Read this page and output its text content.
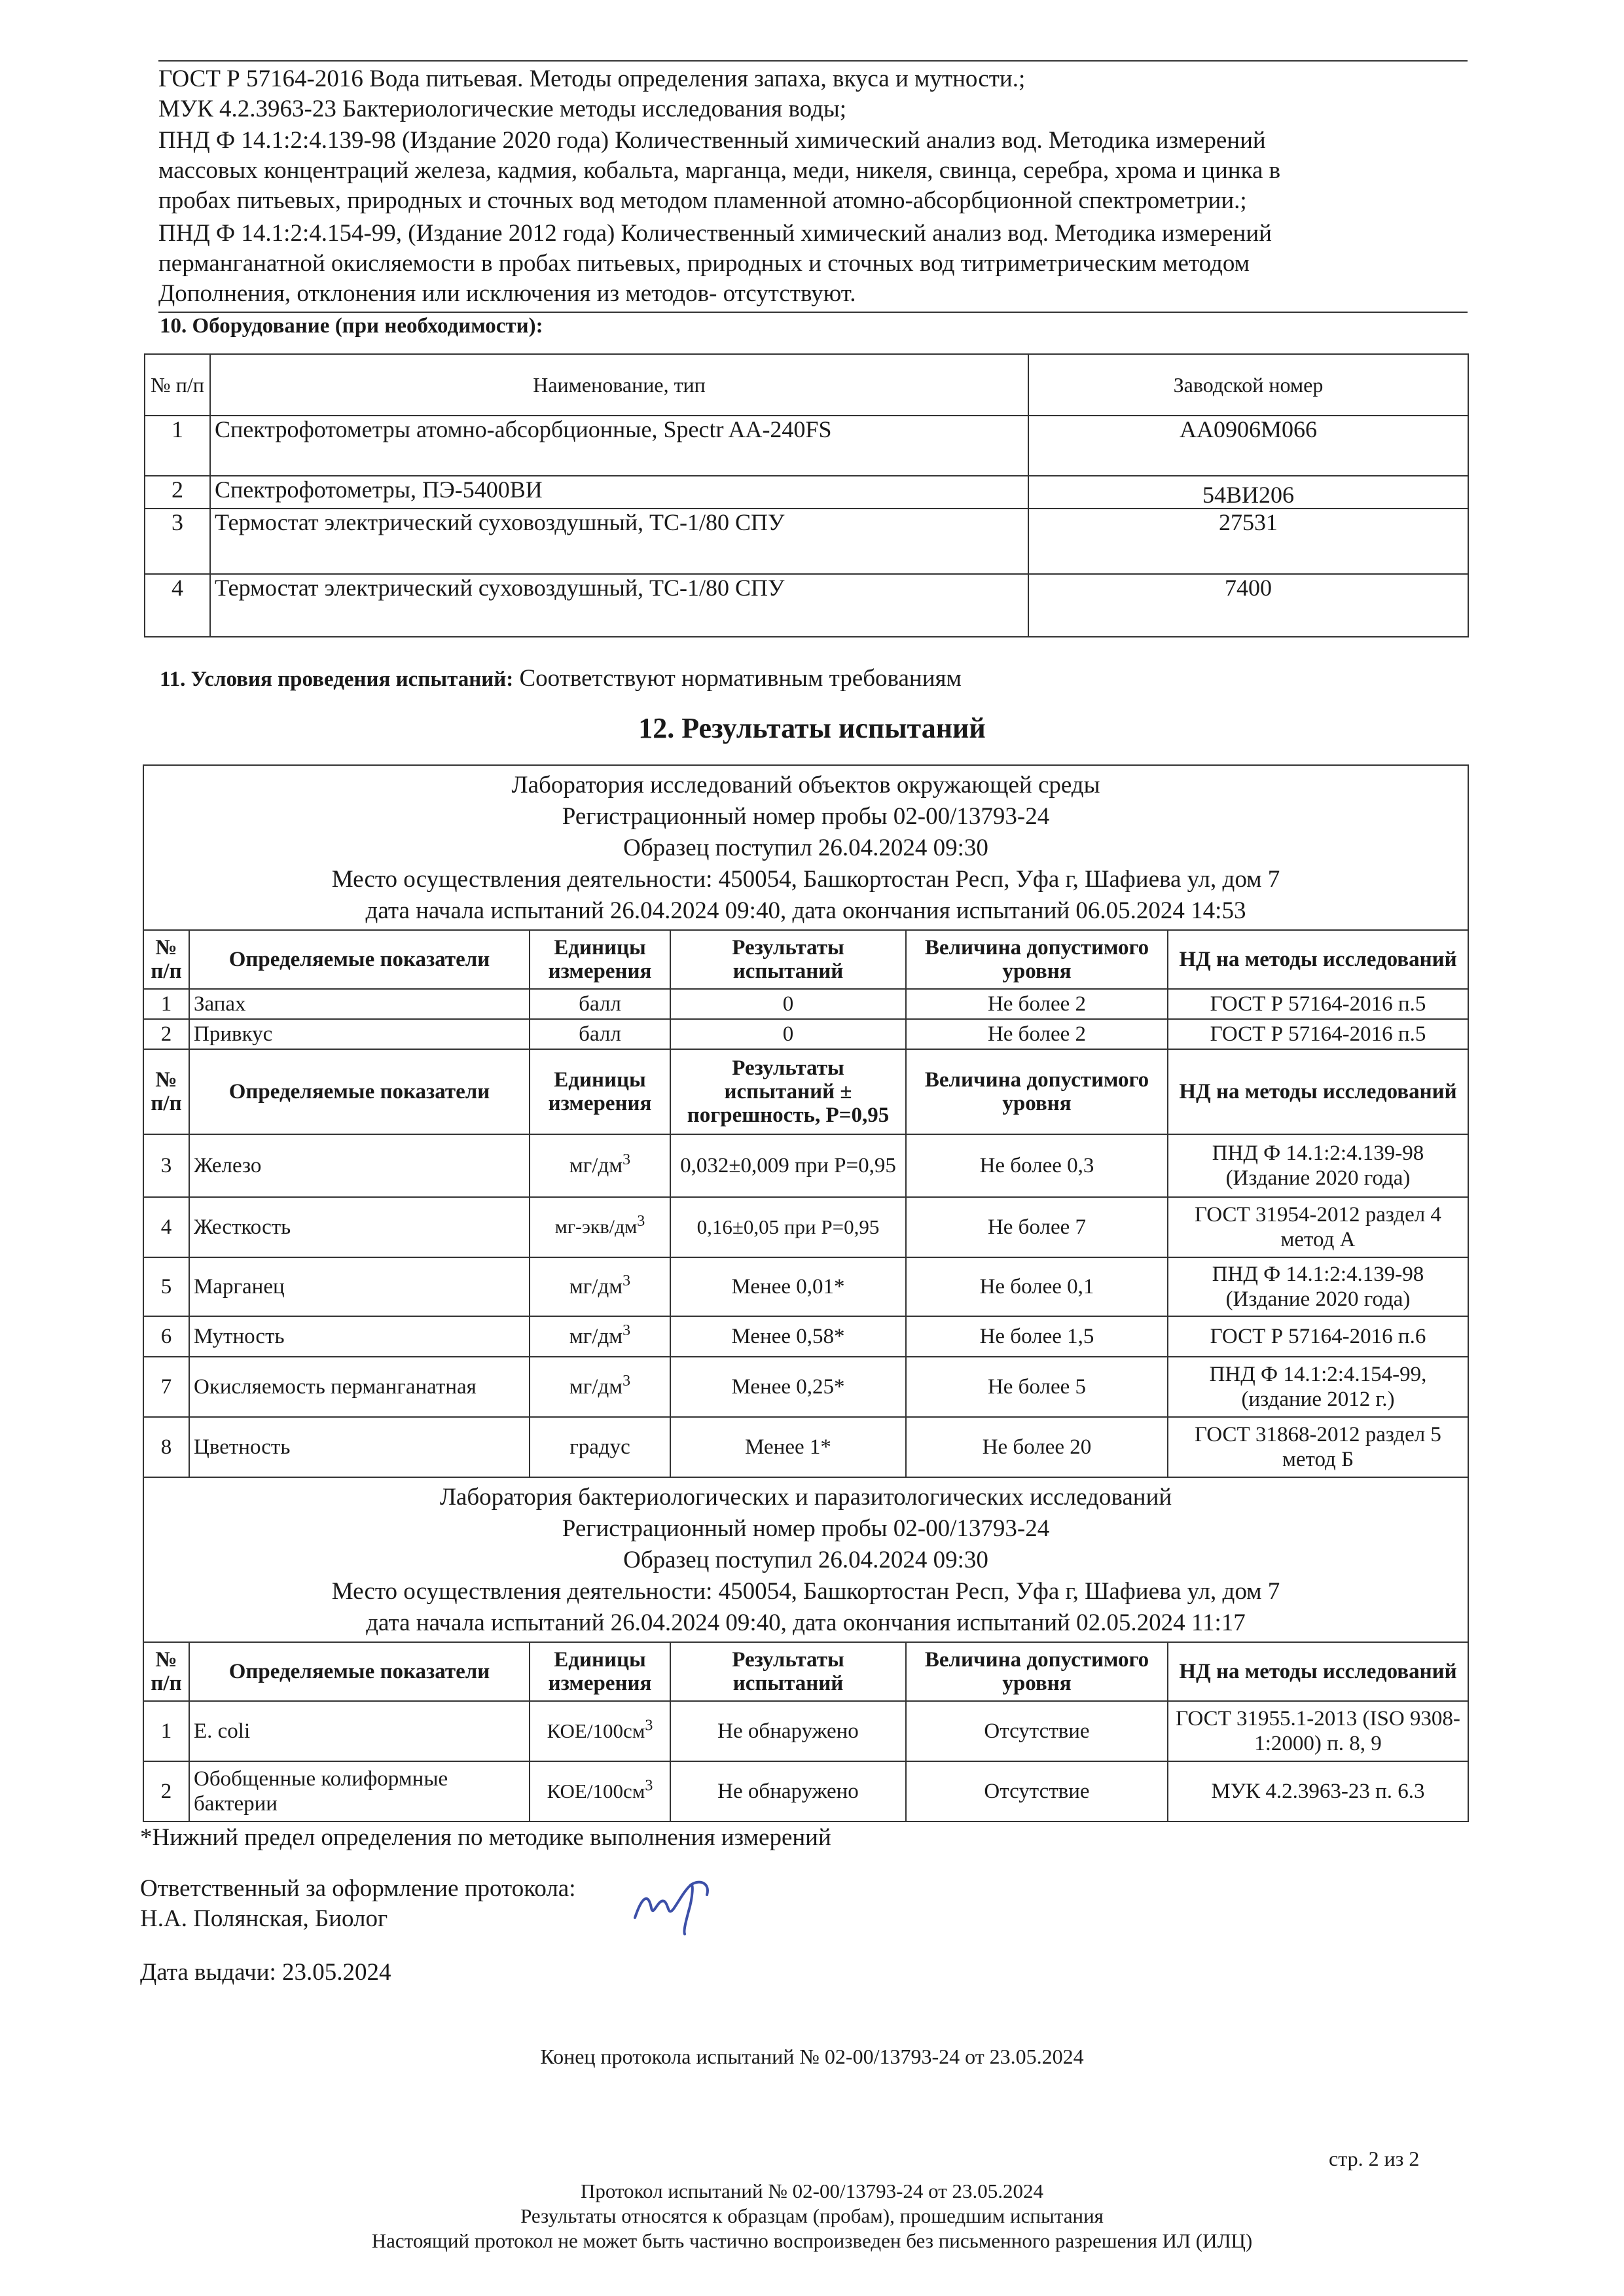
ГОСТ Р 57164-2016 Вода питьевая. Методы определения запаха, вкуса и мутности.;
МУК 4.2.3963-23 Бактериологические методы исследования воды;
ПНД Ф 14.1:2:4.139-98 (Издание 2020 года) Количественный химический анализ вод. Методика измерений
массовых концентраций железа, кадмия, кобальта, марганца, меди, никеля, свинца, серебра, хрома и цинка в
пробах питьевых, природных и сточных вод методом пламенной атомно-абсорбционной спектрометрии.;
ПНД Ф 14.1:2:4.154-99, (Издание 2012 года) Количественный химический анализ вод. Методика измерений
перманганатной окисляемости в пробах питьевых, природных и сточных вод титриметрическим методом
Дополнения, отклонения или исключения из методов- отсутствуют.
10. Оборудование (при необходимости):
№ п/п	Наименование, тип	Заводской номер
1	Спектрофотометры атомно-абсорбционные, Spectr AA-240FS	AA0906M066
2	Спектрофотометры, ПЭ-5400ВИ	54ВИ206
3	Термостат электрический суховоздушный, ТС-1/80 СПУ	27531
4	Термостат электрический суховоздушный, ТС-1/80 СПУ	7400
11. Условия проведения испытаний: Соответствуют нормативным требованиям
12. Результаты испытаний
Лаборатория исследований объектов окружающей среды
Регистрационный номер пробы 02-00/13793-24
Образец поступил 26.04.2024 09:30
Место осуществления деятельности: 450054, Башкортостан Респ, Уфа г, Шафиева ул, дом 7
дата начала испытаний 26.04.2024 09:40, дата окончания испытаний 06.05.2024 14:53					

№ п/п	Определяемые показатели	Единицы измерения	Результаты испытаний	Величина допустимого уровня	НД на методы исследований
1	Запах	балл	0	Не более 2	ГОСТ Р 57164-2016 п.5
2	Привкус	балл	0	Не более 2	ГОСТ Р 57164-2016 п.5
№ п/п	Определяемые показатели	Единицы измерения	Результаты испытаний ± погрешность, Р=0,95	Величина допустимого уровня	НД на методы исследований
3	Железо	$мг/дм^3$	0,032±0,009 при Р=0,95	Не более 0,3	ПНД Ф 14.1:2:4.139-98 (Издание 2020 года)
4	Жесткость	$мг-экв/дм^3$	0,16±0,05 при Р=0,95	Не более 7	ГОСТ 31954-2012 раздел 4 метод А
5	Марганец	$мг/дм^3$	Менее 0,01*	Не более 0,1	ПНД Ф 14.1:2:4.139-98 (Издание 2020 года)
6	Мутность	$мг/дм^3$	Менее 0,58*	Не более 1,5	ГОСТ Р 57164-2016 п.6
7	Окисляемость перманганатная	$мг/дм^3$	Менее 0,25*	Не более 5	ПНД Ф 14.1:2:4.154-99, (издание 2012 г.)
8	Цветность	градус	Менее 1*	Не более 20	ГОСТ 31868-2012 раздел 5 метод Б

Лаборатория бактериологических и паразитологических исследований
Регистрационный номер пробы 02-00/13793-24
Образец поступил 26.04.2024 09:30
Место осуществления деятельности: 450054, Башкортостан Респ, Уфа г, Шафиева ул, дом 7
дата начала испытаний 26.04.2024 09:40, дата окончания испытаний 02.05.2024 11:17					

№ п/п	Определяемые показатели	Единицы измерения	Результаты испытаний	Величина допустимого уровня	НД на методы исследований
1	E. coli	КОЕ/$100см^3$	Не обнаружено	Отсутствие	ГОСТ 31955.1-2013 (ISO 9308-1:2000) п. 8, 9
2	Обобщенные колиформные бактерии	КОЕ/$100см^3$	Не обнаружено	Отсутствие	МУК 4.2.3963-23 п. 6.3
*Нижний предел определения по методике выполнения измерений
Ответственный за оформление протокола:
Н.А. Полянская, Биолог
Дата выдачи: 23.05.2024
Конец протокола испытаний № 02-00/13793-24 от 23.05.2024
стр. 2 из 2
Протокол испытаний № 02-00/13793-24 от 23.05.2024
Результаты относятся к образцам (пробам), прошедшим испытания
Настоящий протокол не может быть частично воспроизведен без письменного разрешения ИЛ (ИЛЦ)
